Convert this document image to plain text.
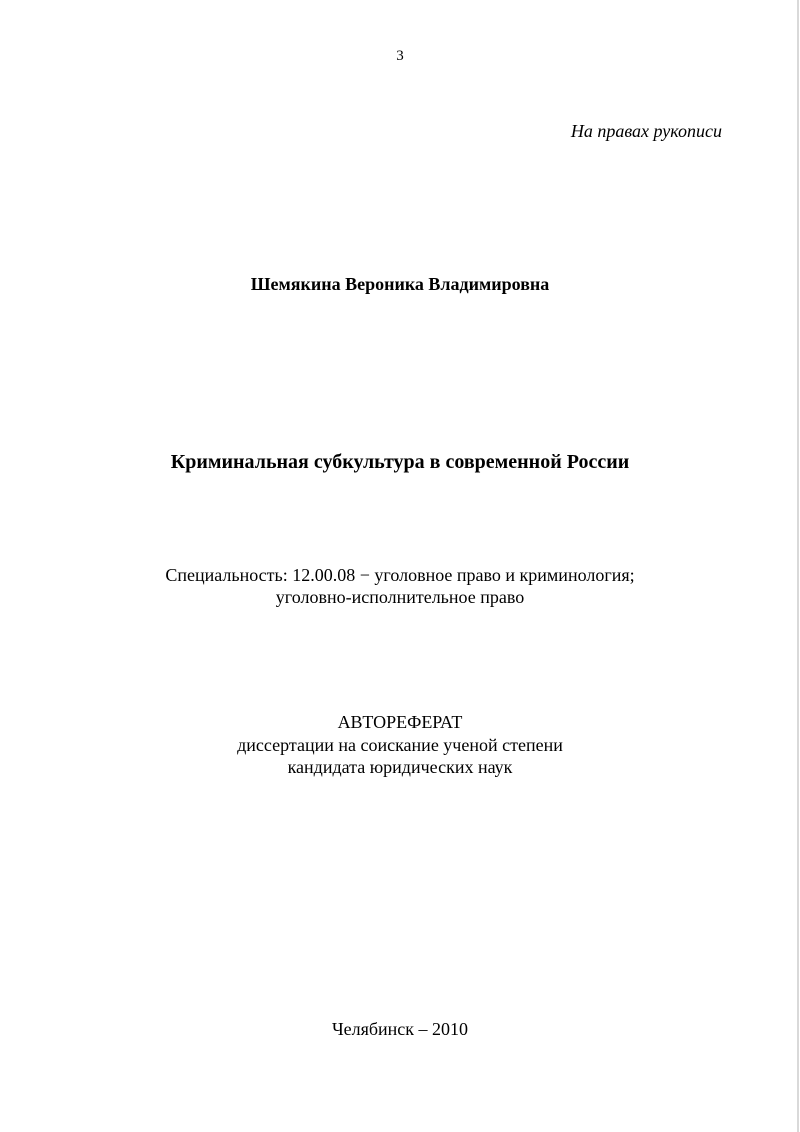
3
На правах рукописи
Шемякина Вероника Владимировна
Криминальная субкультура в современной России
Специальность: 12.00.08 − уголовное право и криминология;
уголовно-исполнительное право
АВТОРЕФЕРАТ
диссертации на соискание ученой степени
кандидата юридических наук
Челябинск – 2010
